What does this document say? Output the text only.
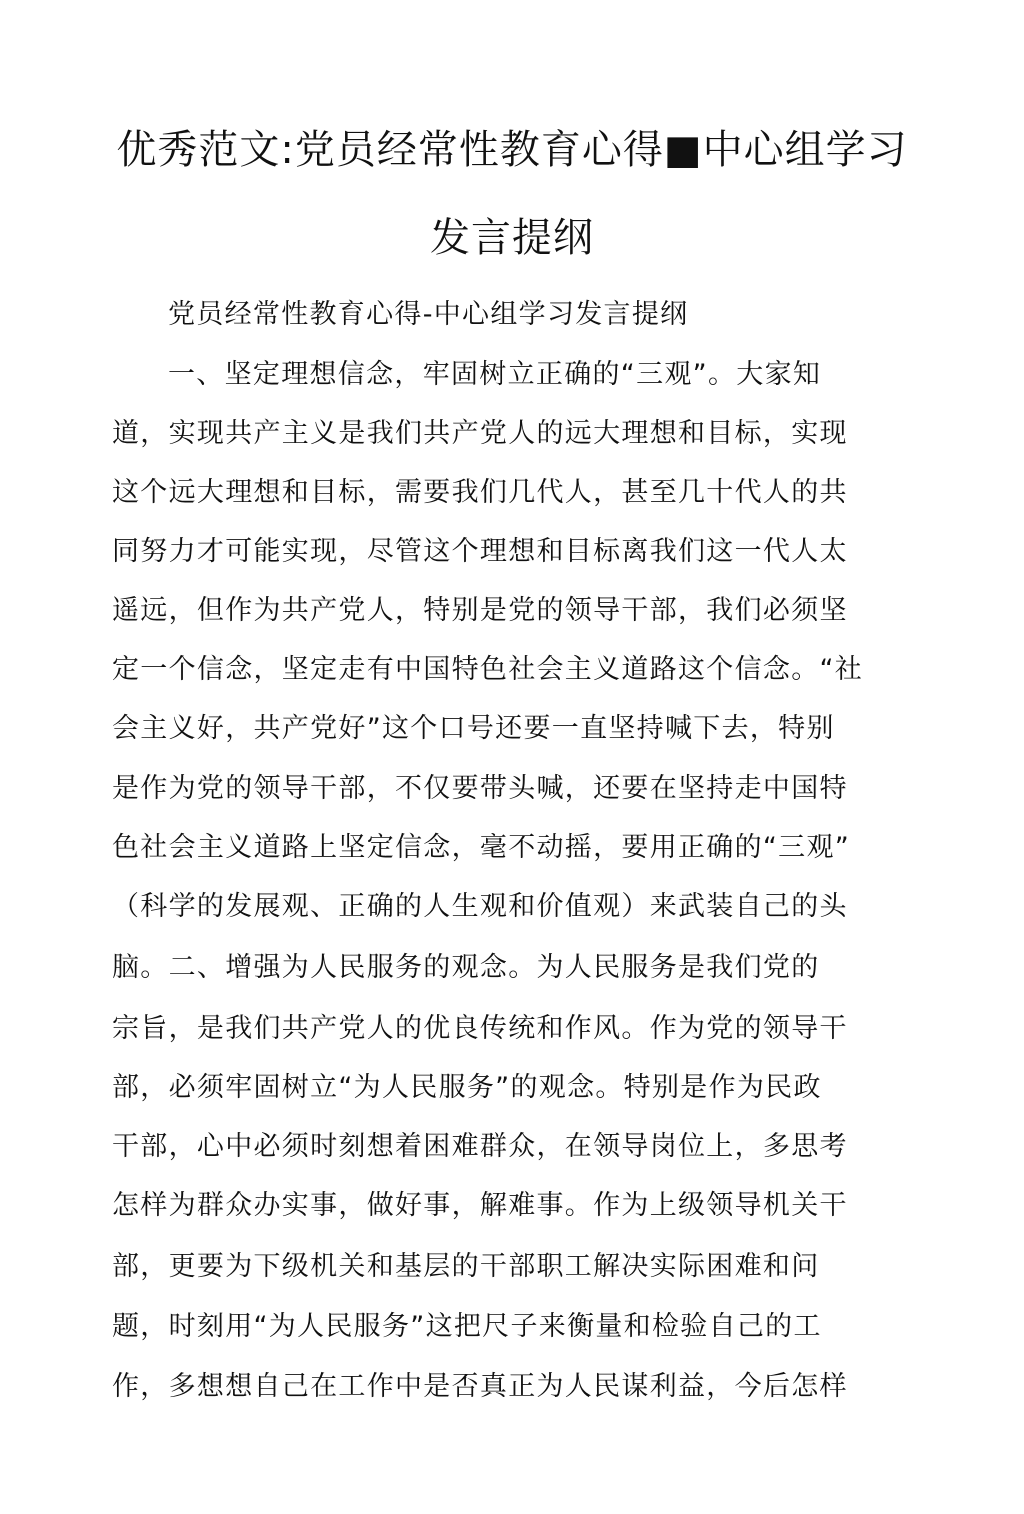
优秀范文:党员经常性教育心得■中心组学习
发言提纲
党员经常性教育心得-中心组学习发言提纲
一、坚定理想信念，牢固树立正确的“三观”。大家知
道，实现共产主义是我们共产党人的远大理想和目标，实现
这个远大理想和目标，需要我们几代人，甚至几十代人的共
同努力才可能实现，尽管这个理想和目标离我们这一代人太
遥远，但作为共产党人，特别是党的领导干部，我们必须坚
定一个信念，坚定走有中国特色社会主义道路这个信念。“社
会主义好，共产党好”这个口号还要一直坚持喊下去，特别
是作为党的领导干部，不仅要带头喊，还要在坚持走中国特
色社会主义道路上坚定信念，毫不动摇，要用正确的“三观”
（科学的发展观、正确的人生观和价值观）来武装自己的头
脑。二、增强为人民服务的观念。为人民服务是我们党的
宗旨，是我们共产党人的优良传统和作风。作为党的领导干
部，必须牢固树立“为人民服务”的观念。特别是作为民政
干部，心中必须时刻想着困难群众，在领导岗位上，多思考
怎样为群众办实事，做好事，解难事。作为上级领导机关干
部，更要为下级机关和基层的干部职工解决实际困难和问
题，时刻用“为人民服务”这把尺子来衡量和检验自己的工
作，多想想自己在工作中是否真正为人民谋利益，今后怎样
